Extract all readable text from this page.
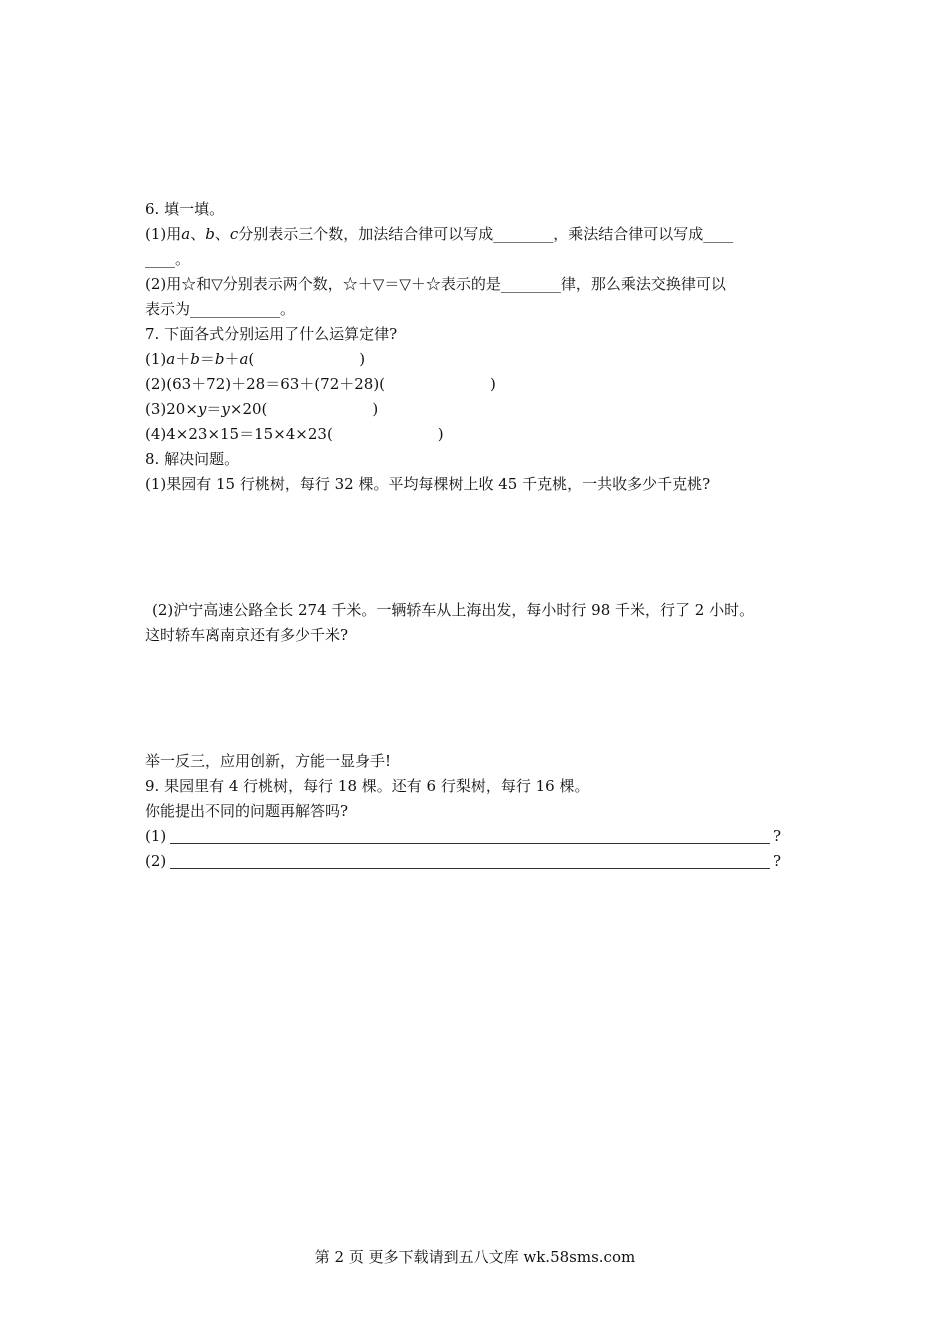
6. 填一填。
(1)用a、b、c分别表示三个数，加法结合律可以写成________，乘法结合律可以写成____
____。
(2)用☆和▽分别表示两个数，☆＋▽＝▽＋☆表示的是________律，那么乘法交换律可以
表示为____________。
7. 下面各式分别运用了什么运算定律?
(1)a＋b＝b＋a(　　　　　　　)
(2)(63＋72)＋28＝63＋(72＋28)(　　　　　　　)
(3)20×y＝y×20(　　　　　　　)
(4)4×23×15＝15×4×23(　　　　　　　)
8. 解决问题。
(1)果园有 15 行桃树，每行 32 棵。平均每棵树上收 45 千克桃，一共收多少千克桃?
(2)沪宁高速公路全长 274 千米。一辆轿车从上海出发，每小时行 98 千米，行了 2 小时。
这时轿车离南京还有多少千米?
举一反三，应用创新，方能一显身手!
9. 果园里有 4 行桃树，每行 18 棵。还有 6 行梨树，每行 16 棵。
你能提出不同的问题再解答吗?
(1)	?
(2)	?
第 2 页 更多下载请到五八文库 wk.58sms.com
